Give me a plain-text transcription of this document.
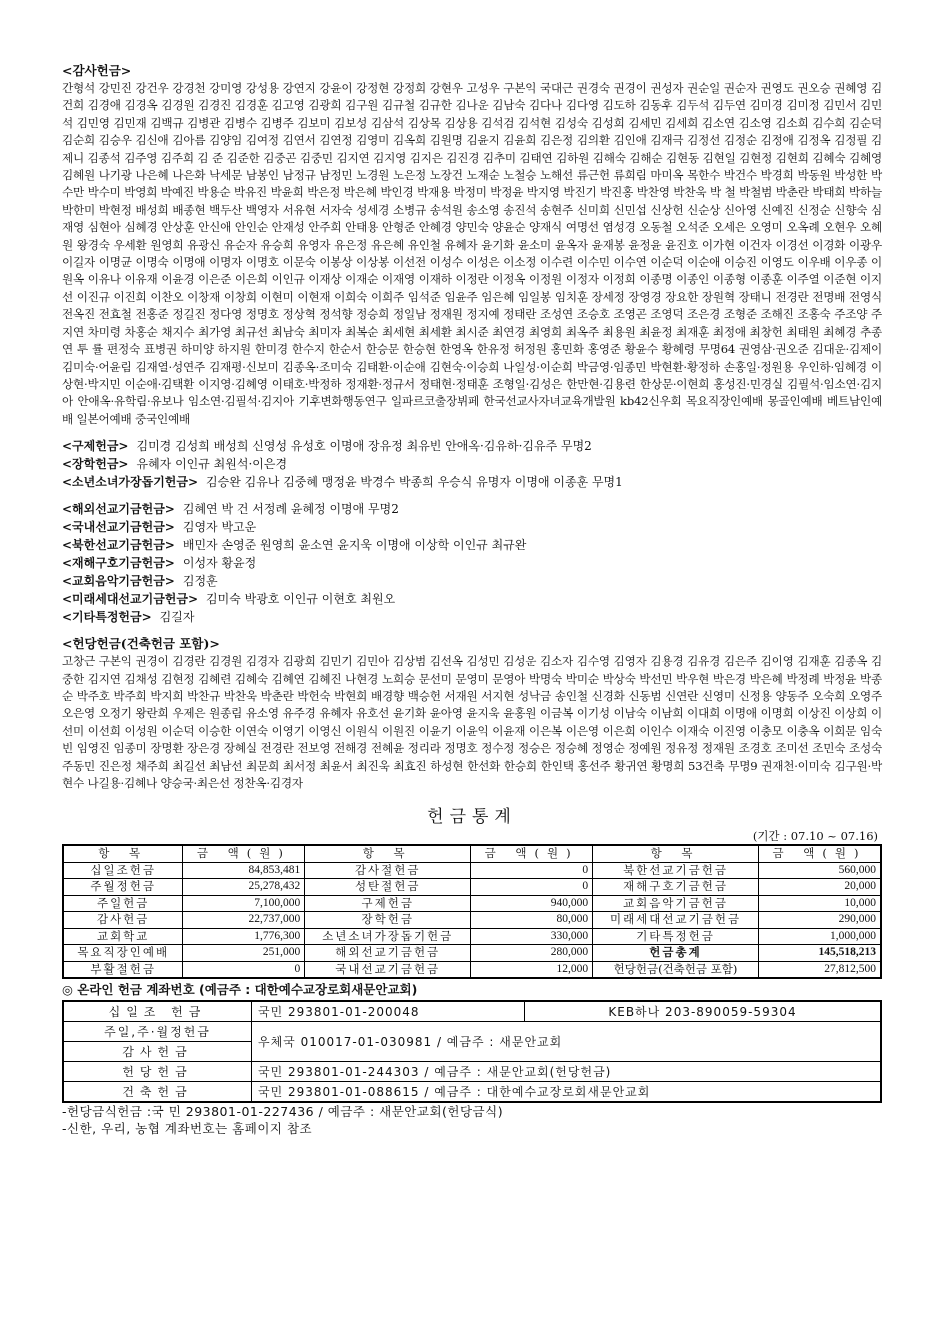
<감사헌금>
간형석 강민진 강건우 강경천 강미영 강성용 강연지 강윤이 강정현 강정희 강현우 고성우 구본익 국대근 권경숙 권경이 권성자 권순일 권순자 권영도 권오승 권혜영 김건희 김경애 김경옥 김경원 김경진 김경훈 김고영 김광희 김구원 김규철 김규한 김나운 김남숙 김다나 김다영 김도하 김동후 김두석 김두연 김미경 김미정 김민서 김민석 김민영 김민재 김백규 김병관 김병수 김병주 김보미 김보성 김삼석 김상목 김상용 김석검 김석현 김성숙 김성희 김세민 김세희 김소연 김소영 김소희 김수희 김순덕 김순희 김승우 김신애 김아름 김양임 김여정 김연서 김연정 김영미 김옥희 김원명 김윤지 김윤희 김은정 김의환 김인애 김재극 김정선 김정순 김정애 김정옥 김정필 김제니 김종석 김주영 김주희 김 준 김준한 김중곤 김중민 김지연 김지영 김지은 김진경 김추미 김태연 김하원 김해숙 김해순 김현동 김현일 김현정 김현희 김혜숙 김혜영 김혜원 나기광 나은혜 나은화 낙세문 남봉인 남정규 남정민 노경원 노은정 노장건 노재순 노철승 노해선 류근헌 류희림 마미옥 목한수 박건수 박경희 박동원 박성한 박수만 박수미 박영희 박예진 박용순 박유진 박윤희 박은정 박은혜 박인경 박재용 박정미 박정윤 박지영 박진기 박진홍 박찬영 박찬욱 박 철 박철범 박춘란 박태희 박하늘 박한미 박현정 배성희 배종현 백두산 백영자 서유현 서자숙 성세경 소병규 송석원 송소영 송진석 송현주 신미희 신민섭 신상헌 신순상 신아영 신예진 신정순 신향숙 심재영 심현아 심혜경 안상훈 안신애 안인순 안재성 안주희 안태용 안형준 안혜경 양민숙 양윤순 양재식 여명선 염성경 오동철 오석준 오세은 오영미 오옥례 오현우 오혜원 왕경숙 우세환 원영희 유광신 유순자 유승희 유영자 유은정 유은혜 유인철 유혜자 윤기화 윤소미 윤옥자 윤재봉 윤정윤 윤진호 이가현 이건자 이경선 이경화 이광우 이길자 이명균 이명숙 이명애 이명자 이명호 이문숙 이봉상 이상봉 이선전 이성수 이성은 이소정 이수련 이수민 이수연 이순덕 이순애 이승진 이영도 이우배 이우종 이원옥 이유나 이유재 이윤경 이은준 이은희 이인규 이재상 이재순 이재영 이재하 이정란 이정옥 이정원 이정자 이정희 이종명 이종인 이종형 이종훈 이주열 이준현 이지선 이진규 이진희 이찬오 이창재 이창희 이현미 이현재 이희숙 이희주 임석준 임윤주 임은혜 임일봉 임치훈 장세정 장영경 장요한 장원혁 장태니 전경란 전명배 전영식 전옥진 전효철 전홍준 정길진 정다영 정명호 정상혁 정석향 정승희 정일남 정재원 정지예 정태란 조성연 조승호 조영곤 조영덕 조은경 조형준 조해진 조홍숙 주조양 주지연 차미령 차홍순 채지수 최가영 최규선 최남숙 최미자 최복순 최세현 최세환 최시준 최연경 최영희 최옥주 최용원 최윤정 최재훈 최정애 최창헌 최태원 최혜경 추종연 투 률 편정숙 표병권 하미양 하지원 한미경 한수지 한순서 한승문 한승현 한영옥 한유정 허정원 홍민화 홍영준 황윤수 황혜령 무명64 권영삼·권오준 김대운·김제이 김미숙·어윤림 김재열·성연주 김재평·신보미 김종옥·조미숙 김태환·이순애 김현숙·이승희 나일성·이순희 박금영·임종민 박현환·황정하 손홍일·정원용 우인하·임혜경 이상현·박지민 이순애·김택환 이지영·김혜영 이태호·박정하 정재환·정규서 정태현·정태훈 조형일·김성은 한만현·김용련 한상문·이현희 홍성진·민경실 김필석·임소연·김지아 안애옥·유학림·유보나 임소연·김필석·김지아 기후변화행동연구 일파르코출장뷔페 한국선교사자녀교육개발원 kb42신우회 목요직장인예배 몽골인예배 베트남인예배 일본어예배 중국인예배
<구제헌금> 김미경 김성희 배성희 신영성 유성호 이명애 장유정 최유빈 안애옥·김유하·김유주 무명2
<장학헌금> 유혜자 이인규 최원석·이은경
<소년소녀가장돕기헌금> 김승완 김유나 김중혜 맹정윤 박경수 박종희 우승식 유명자 이명애 이종훈 무명1
<해외선교기금헌금> 김혜연 박 건 서정례 윤혜정 이명애 무명2
<국내선교기금헌금> 김영자 박고운
<북한선교기금헌금> 배민자 손영준 원영희 윤소연 윤지욱 이명애 이상학 이인규 최규완
<재해구호기금헌금> 이성자 황윤정
<교회음악기금헌금> 김정훈
<미래세대선교기금헌금> 김미숙 박광호 이인규 이현호 최원오
<기타특정헌금> 김길자
<헌당헌금(건축헌금 포함)>
고창근 구본익 권경이 김경란 김경원 김경자 김광희 김민기 김민아 김상범 김선옥 김성민 김성운 김소자 김수영 김영자 김용경 김유경 김은주 김이영 김재훈 김종옥 김중한 김지연 김채성 김현정 김혜련 김혜숙 김혜연 김혜진 나현경 노희승 문선미 문영미 문영아 박명숙 박미순 박상숙 박선민 박우현 박은경 박은혜 박정례 박정윤 박종순 박주호 박주희 박지희 박찬규 박찬욱 박춘란 박헌숙 박현희 배경향 백승헌 서재원 서지현 성낙금 송인철 신경화 신동범 신연란 신영미 신정용 양동주 오숙희 오영주 오은영 오정기 왕란희 우제은 원종림 유소영 유주경 유혜자 유호선 윤기화 윤아영 윤지욱 윤홍원 이금복 이기성 이남숙 이남희 이대희 이명애 이명희 이상진 이상희 이선미 이선희 이성원 이순덕 이승한 이연숙 이영기 이영신 이원식 이원진 이윤기 이윤익 이윤재 이은복 이은영 이은희 이인수 이재숙 이진영 이충모 이충옥 이희문 임숙빈 임영진 임종미 장명환 장은경 장혜실 전경란 전보영 전해경 전혜윤 정리라 정명호 정수정 정승은 정승혜 정영순 정예원 정유정 정재원 조경호 조미선 조민숙 조성숙 주동민 진은정 채주희 최길선 최남선 최문희 최서정 최윤서 최진욱 최효진 하성현 한선화 한승희 한인택 홍선주 황귀연 황명희 53건축 무명9 권재천·이미숙 김구원·박현수 나길용·김혜나 양승국·최은선 정찬옥·김경자
헌금통계
(기간 : 07.10 ~ 07.16)
항 목	금 액(원)	항 목	금 액(원)	항 목	금 액(원)
십일조헌금	84,853,481	감사절헌금	0	북한선교기금헌금	560,000
주월정헌금	25,278,432	성탄절헌금	0	재해구호기금헌금	20,000
주일헌금	7,100,000	구제헌금	940,000	교회음악기금헌금	10,000
감사헌금	22,737,000	장학헌금	80,000	미래세대선교기금헌금	290,000
교회학교	1,776,300	소년소녀가장돕기헌금	330,000	기타특정헌금	1,000,000
목요직장인예배	251,000	해외선교기금헌금	280,000	헌금총계	145,518,213
부활절헌금	0	국내선교기금헌금	12,000	헌당헌금(건축헌금 포함)	27,812,500
◎ 온라인 헌금 계좌번호 (예금주 : 대한예수교장로회새문안교회)
십일조 헌금	국민 293801-01-200048	KEB하나 203-890059-59304
주일,주·월정헌금	우체국 010017-01-030981 / 예금주 : 새문안교회	
감사헌금		
헌당헌금	국민 293801-01-244303 / 예금주 : 새문안교회(헌당헌금)	
건축헌금	국민 293801-01-088615 / 예금주 : 대한예수교장로회새문안교회	
-헌당금식헌금 :국 민 293801-01-227436 / 예금주 : 새문안교회(헌당금식)
-신한, 우리, 농협 계좌번호는 홈페이지 참조
